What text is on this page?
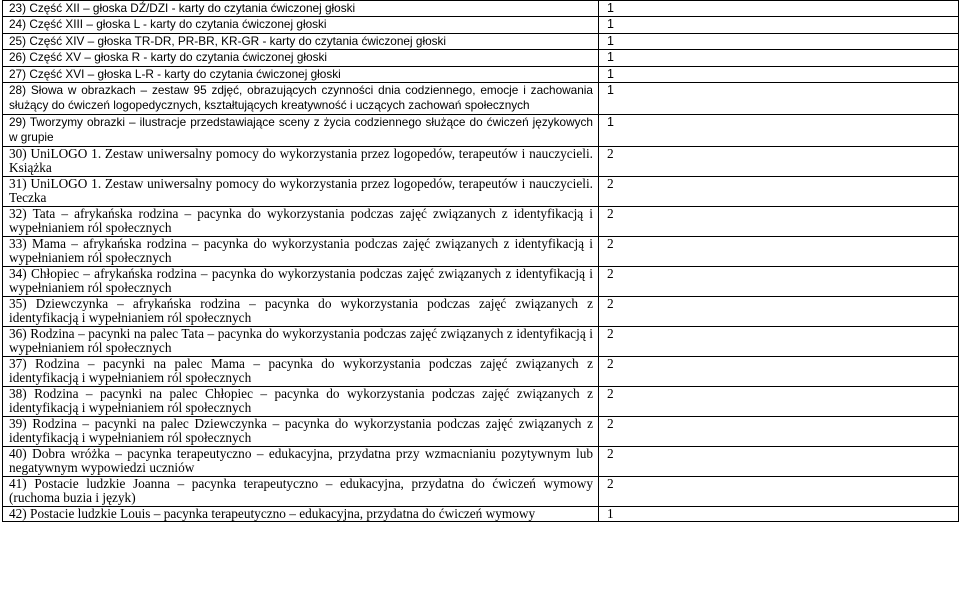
23) Część XII – głoska DŹ/DZI - karty do czytania ćwiczonej głoski	1
24) Część XIII – głoska L - karty do czytania ćwiczonej głoski	1
25) Część XIV – głoska TR-DR, PR-BR, KR-GR - karty do czytania ćwiczonej głoski	1
26) Część XV – głoska R - karty do czytania ćwiczonej głoski	1
27) Część XVI – głoska L-R - karty do czytania ćwiczonej głoski	1
28) Słowa w obrazkach – zestaw 95 zdjęć, obrazujących czynności dnia codziennego, emocje i zachowania służący do ćwiczeń logopedycznych, kształtujących kreatywność i uczących zachowań społecznych	1
29) Tworzymy obrazki – ilustracje przedstawiające sceny z życia codziennego służące do ćwiczeń językowych w grupie	1
30) UniLOGO 1. Zestaw uniwersalny pomocy do wykorzystania przez logopedów, terapeutów i nauczycieli. Książka	2
31) UniLOGO 1. Zestaw uniwersalny pomocy do wykorzystania przez logopedów, terapeutów i nauczycieli. Teczka	2
32) Tata – afrykańska rodzina – pacynka do wykorzystania podczas zajęć związanych z identyfikacją i wypełnianiem ról społecznych	2
33) Mama – afrykańska rodzina – pacynka do wykorzystania podczas zajęć związanych z identyfikacją i wypełnianiem ról społecznych	2
34) Chłopiec – afrykańska rodzina – pacynka do wykorzystania podczas zajęć związanych z identyfikacją i wypełnianiem ról społecznych	2
35) Dziewczynka – afrykańska rodzina – pacynka do wykorzystania podczas zajęć związanych z identyfikacją i wypełnianiem ról społecznych	2
36) Rodzina – pacynki na palec Tata – pacynka do wykorzystania podczas zajęć związanych z identyfikacją i wypełnianiem ról społecznych	2
37) Rodzina – pacynki na palec Mama – pacynka do wykorzystania podczas zajęć związanych z identyfikacją i wypełnianiem ról społecznych	2
38) Rodzina – pacynki na palec Chłopiec – pacynka do wykorzystania podczas zajęć związanych z identyfikacją i wypełnianiem ról społecznych	2
39) Rodzina – pacynki na palec Dziewczynka – pacynka do wykorzystania podczas zajęć związanych z identyfikacją i wypełnianiem ról społecznych	2
40) Dobra wróżka – pacynka terapeutyczno – edukacyjna, przydatna przy wzmacnianiu pozytywnym lub negatywnym wypowiedzi uczniów	2
41) Postacie ludzkie Joanna – pacynka terapeutyczno – edukacyjna, przydatna do ćwiczeń wymowy (ruchoma buzia i język)	2
42) Postacie ludzkie Louis – pacynka terapeutyczno – edukacyjna, przydatna do ćwiczeń wymowy	1
